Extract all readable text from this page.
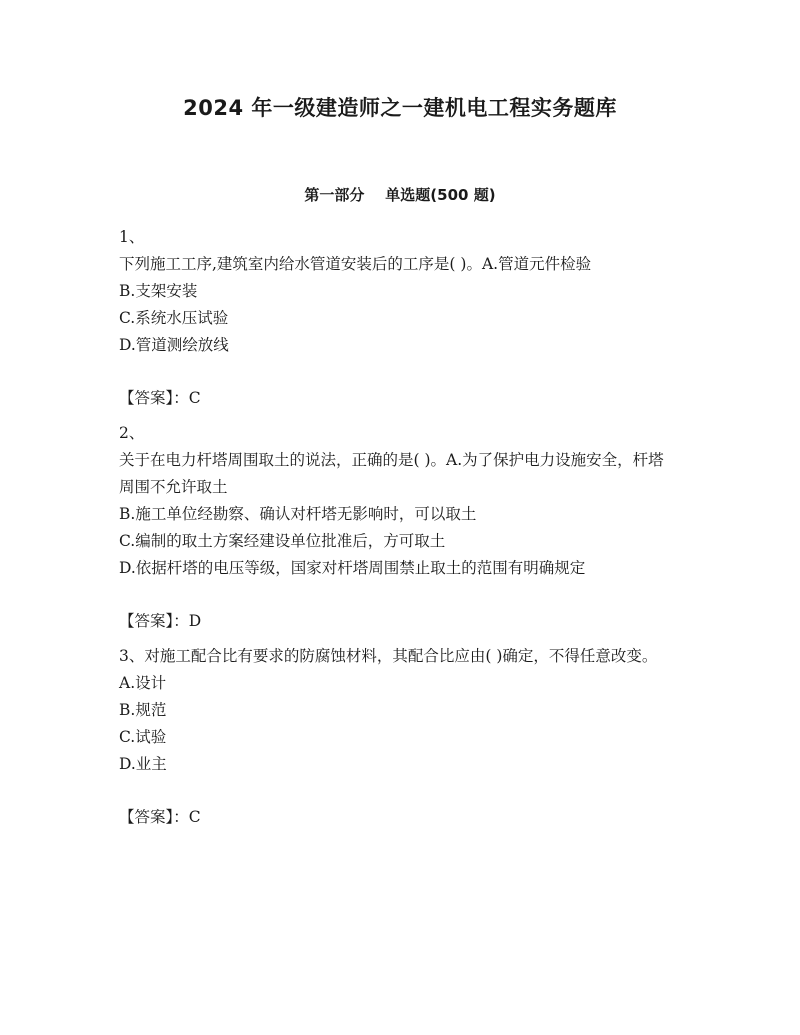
2024 年一级建造师之一建机电工程实务题库
第一部分    单选题(500 题)
1、

下列施工工序,建筑室内给水管道安装后的工序是( )。A.管道元件检验

B.支架安装

C.系统水压试验

D.管道测绘放线

【答案】：C
2、

关于在电力杆塔周围取土的说法，正确的是( )。A.为了保护电力设施安全，杆塔周围不允许取土

B.施工单位经勘察、确认对杆塔无影响时，可以取土

C.编制的取土方案经建设单位批准后，方可取土

D.依据杆塔的电压等级，国家对杆塔周围禁止取土的范围有明确规定

【答案】：D

3、对施工配合比有要求的防腐蚀材料，其配合比应由( )确定，不得任意改变。

A.设计

B.规范

C.试验

D.业主

【答案】：C
